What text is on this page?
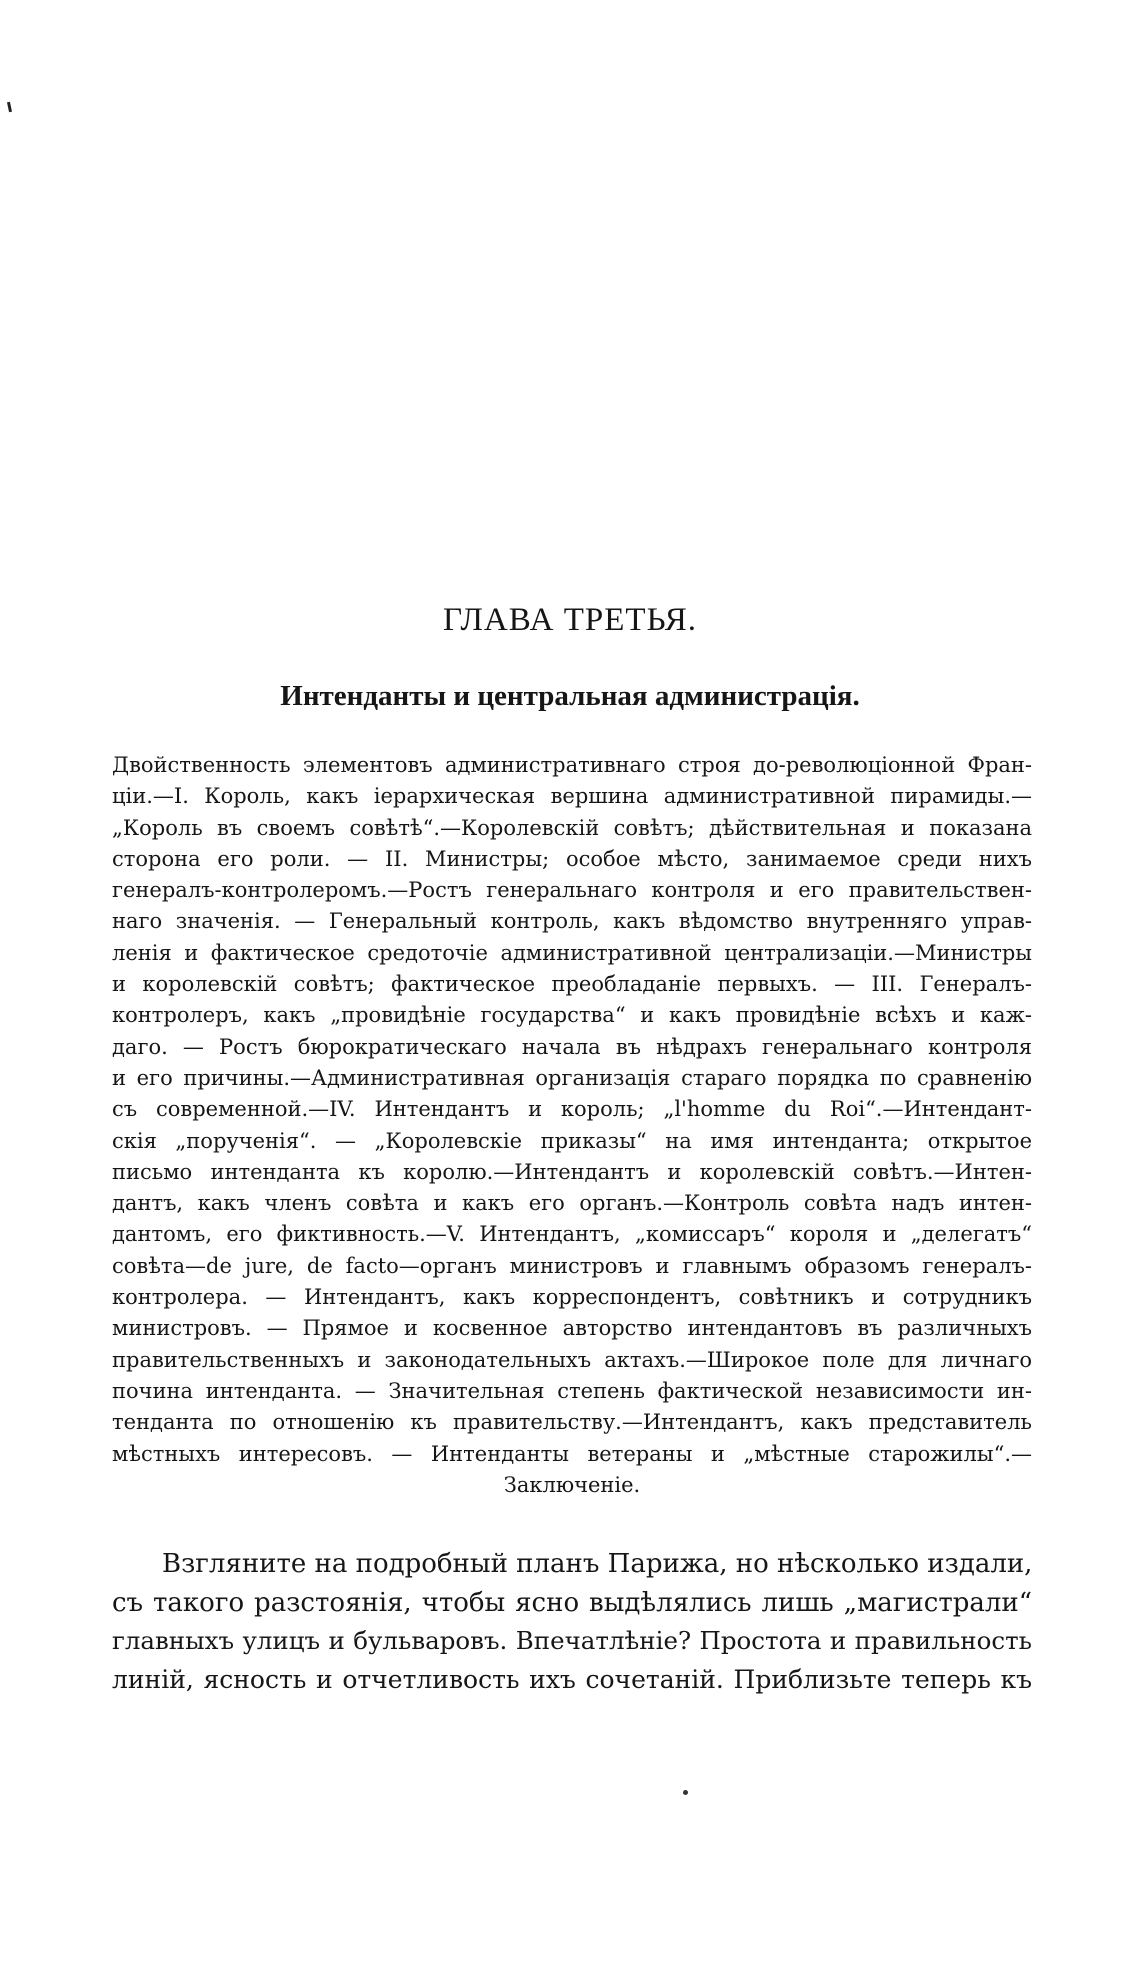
ГЛАВА ТРЕТЬЯ.
Интенданты и центральная администрація.
Двойственность элементовъ административнаго строя до-революціонной Фран-
ціи.—I. Король, какъ іерархическая вершина административной пирамиды.—
„Король въ своемъ совѣтѣ“.—Королевскій совѣтъ; дѣйствительная и показана
сторона его роли. — II. Министры; особое мѣсто, занимаемое среди нихъ
генералъ-контролеромъ.—Ростъ генеральнаго контроля и его правительствен-
наго значенія. — Генеральный контроль, какъ вѣдомство внутренняго управ-
ленія и фактическое средоточіе административной централизаціи.—Министры
и королевскій совѣтъ; фактическое преобладаніе первыхъ. — III. Генералъ-
контролеръ, какъ „провидѣніе государства“ и какъ провидѣніе всѣхъ и каж-
даго. — Ростъ бюрократическаго начала въ нѣдрахъ генеральнаго контроля
и его причины.—Административная организація стараго порядка по сравненію
съ современной.—IV. Интендантъ и король; „l'homme du Roi“.—Интендант-
скія „порученія“. — „Королевскіе приказы“ на имя интенданта; открытое
письмо интенданта къ королю.—Интендантъ и королевскій совѣтъ.—Интен-
дантъ, какъ членъ совѣта и какъ его органъ.—Контроль совѣта надъ интен-
дантомъ, его фиктивность.—V. Интендантъ, „комиссаръ“ короля и „делегатъ“
совѣта—de jure, de facto—органъ министровъ и главнымъ образомъ генералъ-
контролера. — Интендантъ, какъ корреспондентъ, совѣтникъ и сотрудникъ
министровъ. — Прямое и косвенное авторство интендантовъ въ различныхъ
правительственныхъ и законодательныхъ актахъ.—Широкое поле для личнаго
почина интенданта. — Значительная степень фактической независимости ин-
тенданта по отношенію къ правительству.—Интендантъ, какъ представитель
мѣстныхъ интересовъ. — Интенданты ветераны и „мѣстные старожилы“.—
Заключеніе.
Взгляните на подробный планъ Парижа, но нѣсколько издали,
съ такого разстоянія, чтобы ясно выдѣлялись лишь „магистрали“
главныхъ улицъ и бульваровъ. Впечатлѣніе? Простота и правильность
линій, ясность и отчетливость ихъ сочетаній. Приблизьте теперь къ
